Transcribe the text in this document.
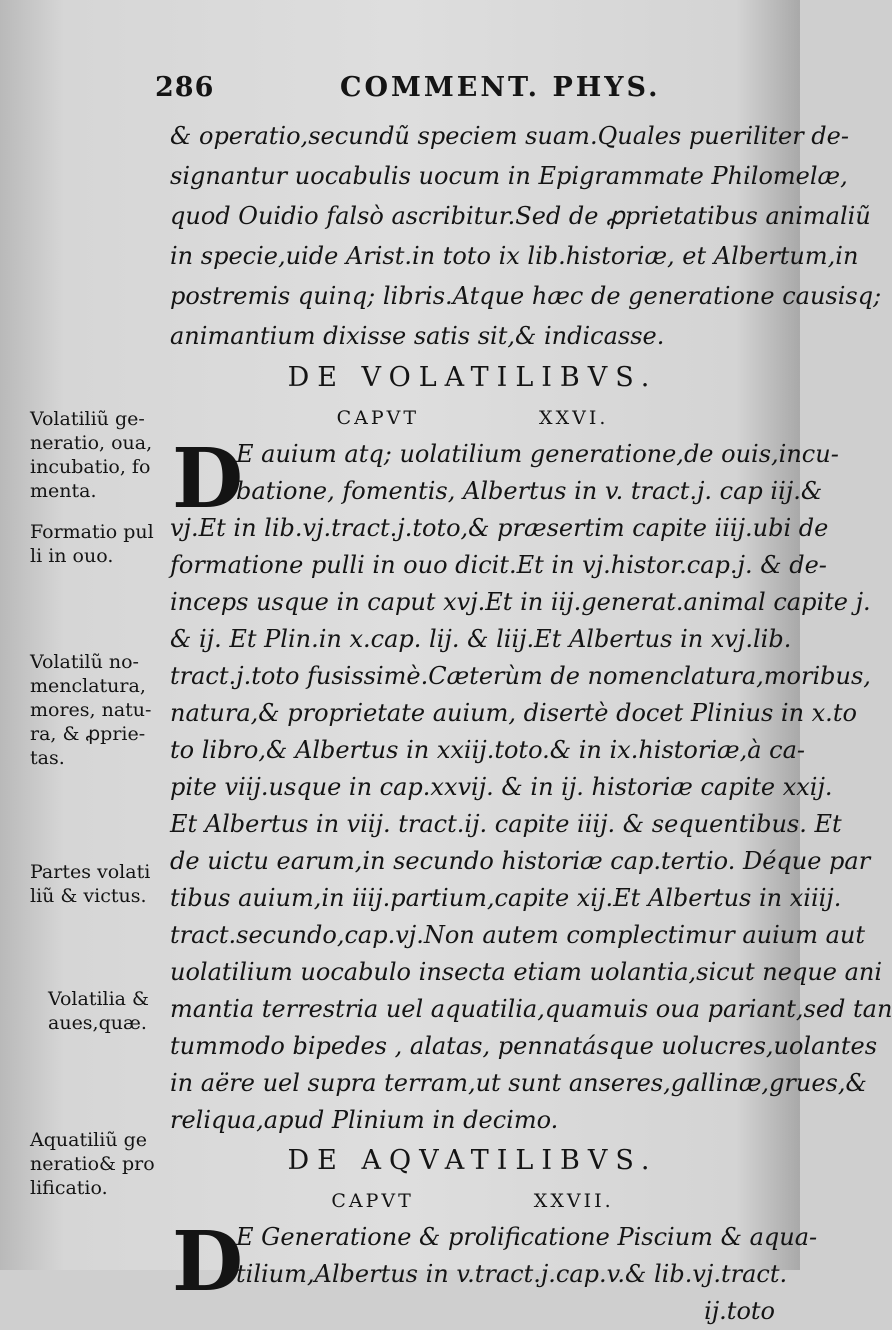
286	COMMENT. PHYS.
& operatio,secundũ speciem suam.Quales pueriliter de-
signantur uocabulis uocum in Epigrammate Philomelæ,
quod Ouidio falsò ascribitur.Sed de ꝓprietatibus animaliũ
in specie,uide Arist.in toto ix lib.historiæ, et Albertum,in
postremis quinq; libris.Atque hæc de generatione causisq;
animantium dixisse satis sit,& indicasse.
DE VOLATILIBVS.
CAPVT	XXVI.
D
E auium atq; uolatilium generatione,de ouis,incu-
batione, fomentis, Albertus in v. tract.j. cap iij.&
vj.Et in lib.vj.tract.j.toto,& præsertim capite iiij.ubi de
formatione pulli in ouo dicit.Et in vj.histor.cap.j. & de-
inceps usque in caput xvj.Et in iij.generat.animal capite j.
& ij. Et Plin.in x.cap. lij. & liij.Et Albertus in xvj.lib.
tract.j.toto fusissimè.Cæterùm de nomenclatura,moribus,
natura,& proprietate auium, disertè docet Plinius in x.to
to libro,& Albertus in xxiij.toto.& in ix.historiæ,à ca-
pite viij.usque in cap.xxvij. & in ij. historiæ capite xxij.
Et Albertus in viij. tract.ij. capite iiij. & sequentibus. Et
de uictu earum,in secundo historiæ cap.tertio. Déque par
tibus auium,in iiij.partium,capite xij.Et Albertus in xiiij.
tract.secundo,cap.vj.Non autem complectimur auium aut
uolatilium uocabulo insecta etiam uolantia,sicut neque ani
mantia terrestria uel aquatilia,quamuis oua pariant,sed tan
tummodo bipedes , alatas, pennatásque uolucres,uolantes
in aëre uel supra terram,ut sunt anseres,gallinæ,grues,&
reliqua,apud Plinium in decimo.
DE AQVATILIBVS.
CAPVT	XXVII.
D
E Generatione & prolificatione Piscium & aqua-
tilium,Albertus in v.tract.j.cap.v.& lib.vj.tract.
ij.toto
Volatiliũ ge-
neratio, oua,
incubatio, fo
menta.
Formatio pul
li in ouo.
Volatilũ no-
menclatura,
mores, natu-
ra, & ꝓprie-
tas.
Partes volati
liũ & victus.
Volatilia &
aues,quæ.
Aquatiliũ ge
neratio& pro
lificatio.
